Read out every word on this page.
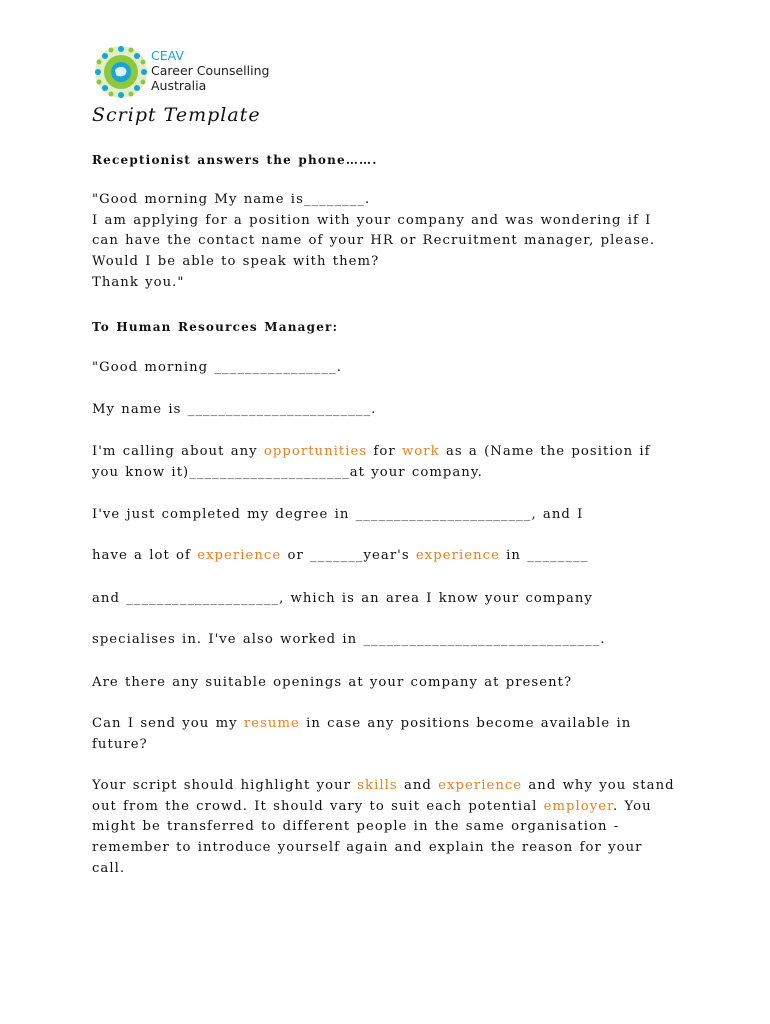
CEAV
Career Counselling
Australia
Script Template
Receptionist answers the phone…….
"Good morning My name is________.
I am applying for a position with your company and was wondering if I
can have the contact name of your HR or Recruitment manager, please.
Would I be able to speak with them?
Thank you."
To Human Resources Manager:
"Good morning ________________.
My name is ________________________.
I'm calling about any opportunities for work as a (Name the position if
you know it)_____________________at your company.
I've just completed my degree in _______________________, and I
have a lot of experience or _______year's experience in ________
and ____________________, which is an area I know your company
specialises in. I've also worked in _______________________________.
Are there any suitable openings at your company at present?
Can I send you my resume in case any positions become available in
future?
Your script should highlight your skills and experience and why you stand
out from the crowd. It should vary to suit each potential employer. You
might be transferred to different people in the same organisation -
remember to introduce yourself again and explain the reason for your
call.
